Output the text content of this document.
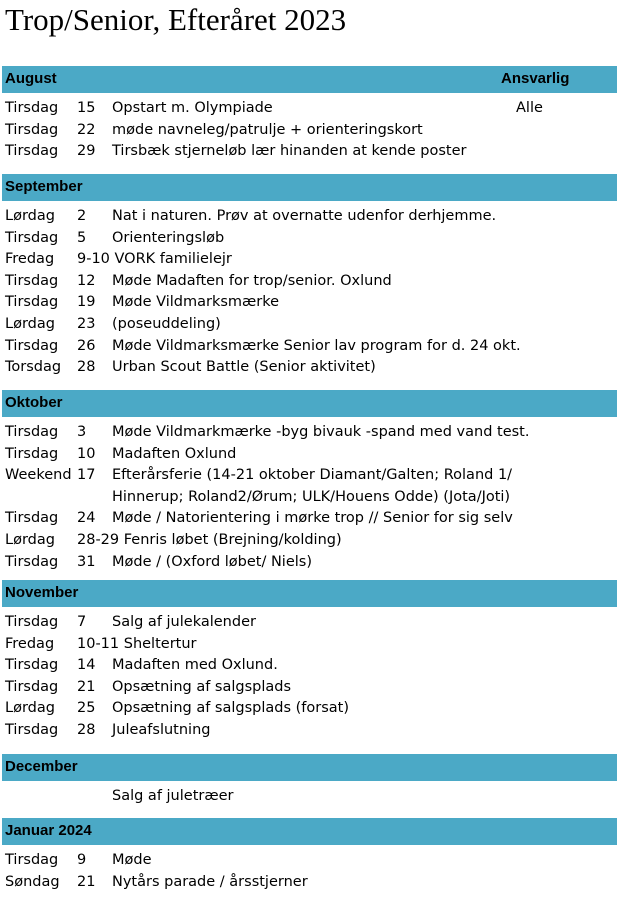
Trop/Senior, Efteråret 2023
August	Ansvarlig
Tirsdag 15 Opstart m. Olympiade	Alle
Tirsdag 22 møde navneleg/patrulje + orienteringskort
Tirsdag 29 Tirsbæk stjerneløb lær hinanden at kende poster
September
Lørdag 2 Nat i naturen. Prøv at overnatte udenfor derhjemme.
Tirsdag 5 Orienteringsløb
Fredag 9-10 VORK familielejr
Tirsdag 12 Møde Madaften for trop/senior. Oxlund
Tirsdag 19 Møde Vildmarksmærke
Lørdag 23 (poseuddeling)
Tirsdag 26 Møde Vildmarksmærke Senior lav program for d. 24 okt.
Torsdag 28 Urban Scout Battle (Senior aktivitet)
Oktober
Tirsdag 3 Møde Vildmarkmærke -byg bivauk -spand med vand test.
Tirsdag 10 Madaften Oxlund
Weekend 17 Efterårsferie (14-21 oktober Diamant/Galten; Roland 1/
Hinnerup; Roland2/Ørum; ULK/Houens Odde) (Jota/Joti)
Tirsdag 24 Møde / Natorientering i mørke trop // Senior for sig selv
Lørdag 28-29 Fenris løbet (Brejning/kolding)
Tirsdag 31 Møde / (Oxford løbet/ Niels)
November
Tirsdag 7 Salg af julekalender
Fredag 10-11 Sheltertur
Tirsdag 14 Madaften med Oxlund.
Tirsdag 21 Opsætning af salgsplads
Lørdag 25 Opsætning af salgsplads (forsat)
Tirsdag 28 Juleafslutning
December
Salg af juletræer
Januar 2024
Tirsdag 9 Møde
Søndag 21 Nytårs parade / årsstjerner
